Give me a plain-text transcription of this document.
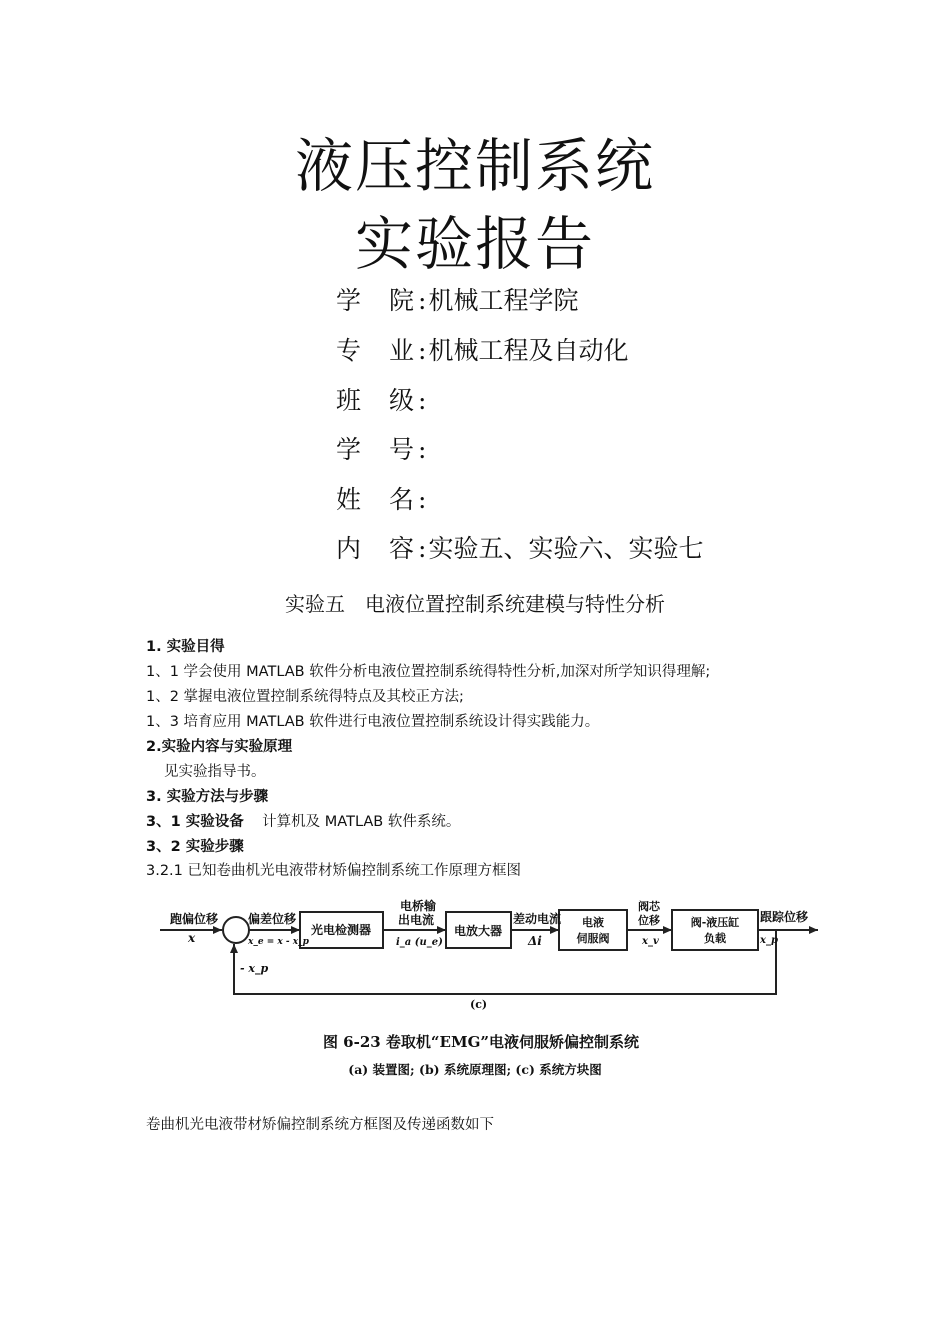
液压控制系统
实验报告
学 院 :机械工程学院
专 业 :机械工程及自动化
班 级 :
学 号 :
姓 名 :
内 容 :实验五、实验六、实验七
实验五 电液位置控制系统建模与特性分析
1. 实验目得
1、1 学会使用 MATLAB 软件分析电液位置控制系统得特性分析,加深对所学知识得理解;
1、2 掌握电液位置控制系统得特点及其校正方法;
1、3 培育应用 MATLAB 软件进行电液位置控制系统设计得实践能力。
2.实验内容与实验原理
见实验指导书。
3. 实验方法与步骤
3、1 实验设备 计算机及 MATLAB 软件系统。
3、2 实验步骤
3.2.1 已知卷曲机光电液带材矫偏控制系统工作原理方框图
跑偏位移
x
偏差位移
x_e = x - x_p
光电检测器
电桥输
出电流
i_a (u_e)
电放大器
差动电流
Δi
电液
伺服阀
阀芯
位移
x_v
阀-液压缸
负载
跟踪位移
x_p
- x_p
(c)
图 6-23 卷取机“EMG”电液伺服矫偏控制系统
(a) 装置图; (b) 系统原理图; (c) 系统方块图
卷曲机光电液带材矫偏控制系统方框图及传递函数如下
